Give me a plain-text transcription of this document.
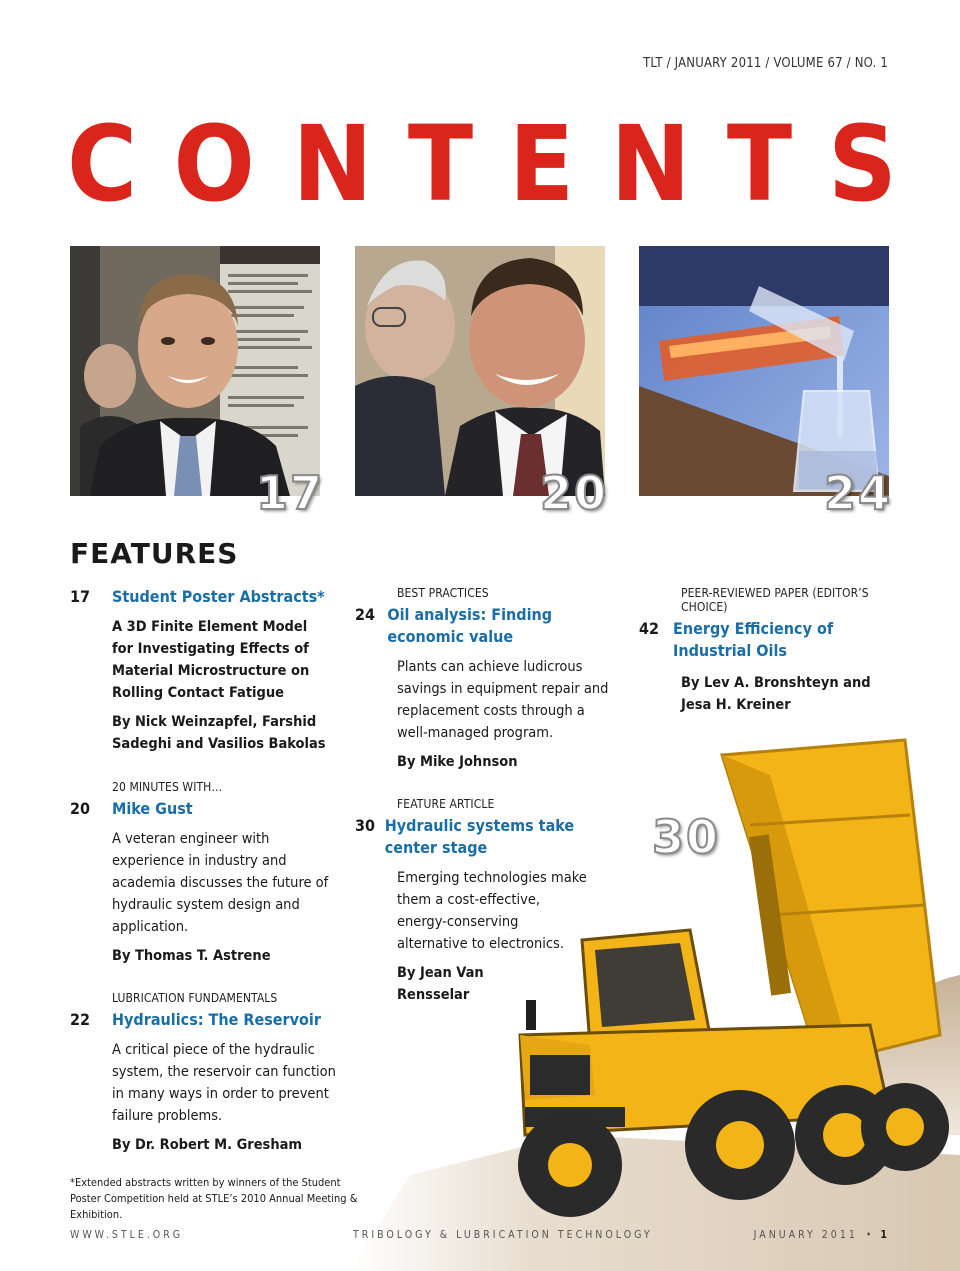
TLT / JANUARY 2011 / VOLUME 67 / NO. 1
C O N T E N T S
17	20	24
FEATURES
30
17	Student Poster Abstracts*
A 3D Finite Element Model for Investigating Effects of Material Microstructure on Rolling Contact Fatigue
By Nick Weinzapfel, Farshid Sadeghi and Vasilios Bakolas
20 MINUTES WITH…
20	Mike Gust
A veteran engineer with experience in industry and academia discusses the future of hydraulic system design and application.
By Thomas T. Astrene
LUBRICATION FUNDAMENTALS
22	Hydraulics: The Reservoir
A critical piece of the hydraulic system, the reservoir can function in many ways in order to prevent failure problems.
By Dr. Robert M. Gresham
BEST PRACTICES
24 Oil analysis: Finding economic value
Plants can achieve ludicrous savings in equipment repair and replacement costs through a well-managed program.
By Mike Johnson
FEATURE ARTICLE
30 Hydraulic systems take center stage
Emerging technologies make them a cost-effective, energy-conserving alternative to electronics.
By Jean Van Rensselar
PEER-REVIEWED PAPER (EDITOR’S CHOICE)
42 Energy Efficiency of Industrial Oils
By Lev A. Bronshteyn and Jesa H. Kreiner
*Extended abstracts written by winners of the Student Poster Competition held at STLE’s 2010 Annual Meeting & Exhibition.
WWW.STLE.ORG	TRIBOLOGY & LUBRICATION TECHNOLOGY	JANUARY 2011 • 1
